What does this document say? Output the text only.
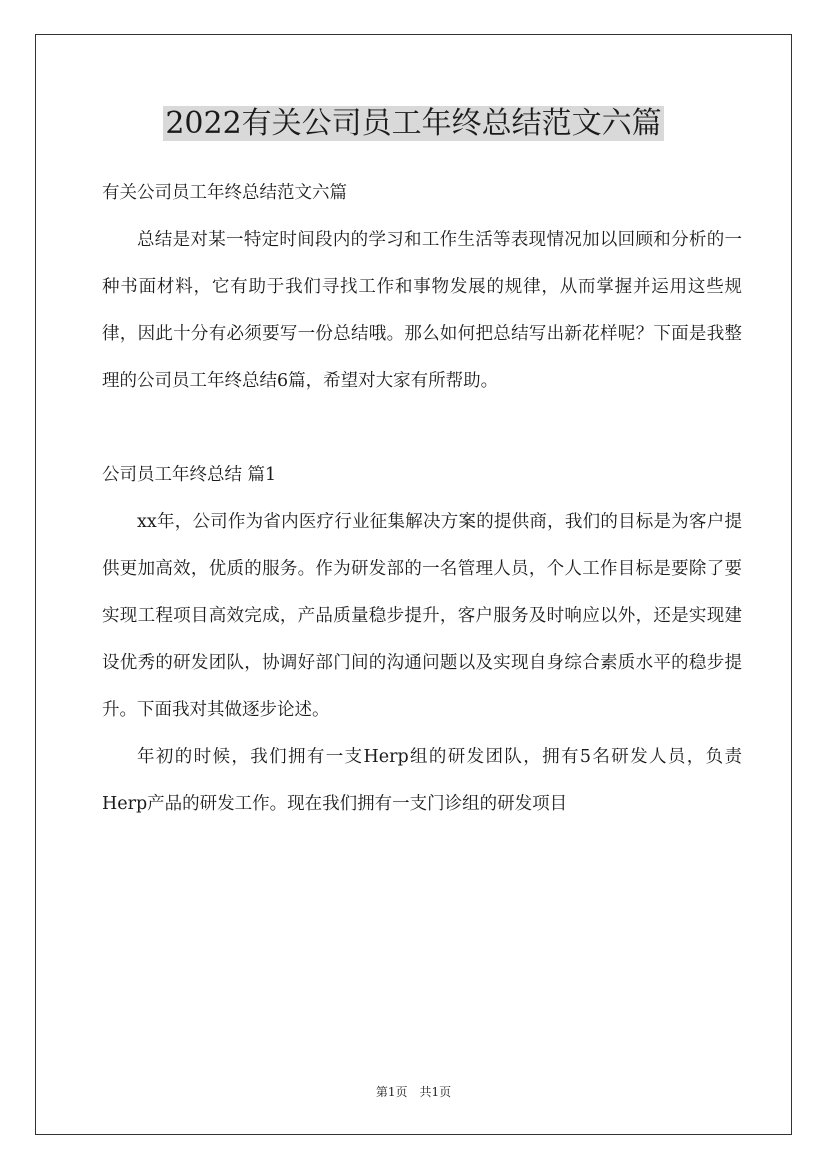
2022有关公司员工年终总结范文六篇

有关公司员工年终总结范文六篇

总结是对某一特定时间段内的学习和工作生活等表现情况加以回顾和分析的一种书面材料，它有助于我们寻找工作和事物发展的规律，从而掌握并运用这些规律，因此十分有必须要写一份总结哦。那么如何把总结写出新花样呢？下面是我整理的公司员工年终总结6篇，希望对大家有所帮助。

公司员工年终总结 篇1

xx年，公司作为省内医疗行业征集解决方案的提供商，我们的目标是为客户提供更加高效，优质的服务。作为研发部的一名管理人员，个人工作目标是要除了要实现工程项目高效完成，产品质量稳步提升，客户服务及时响应以外，还是实现建设优秀的研发团队，协调好部门间的沟通问题以及实现自身综合素质水平的稳步提升。下面我对其做逐步论述。

年初的时候，我们拥有一支Herp组的研发团队，拥有5名研发人员，负责Herp产品的研发工作。现在我们拥有一支门诊组的研发项目

第1页　共1页
